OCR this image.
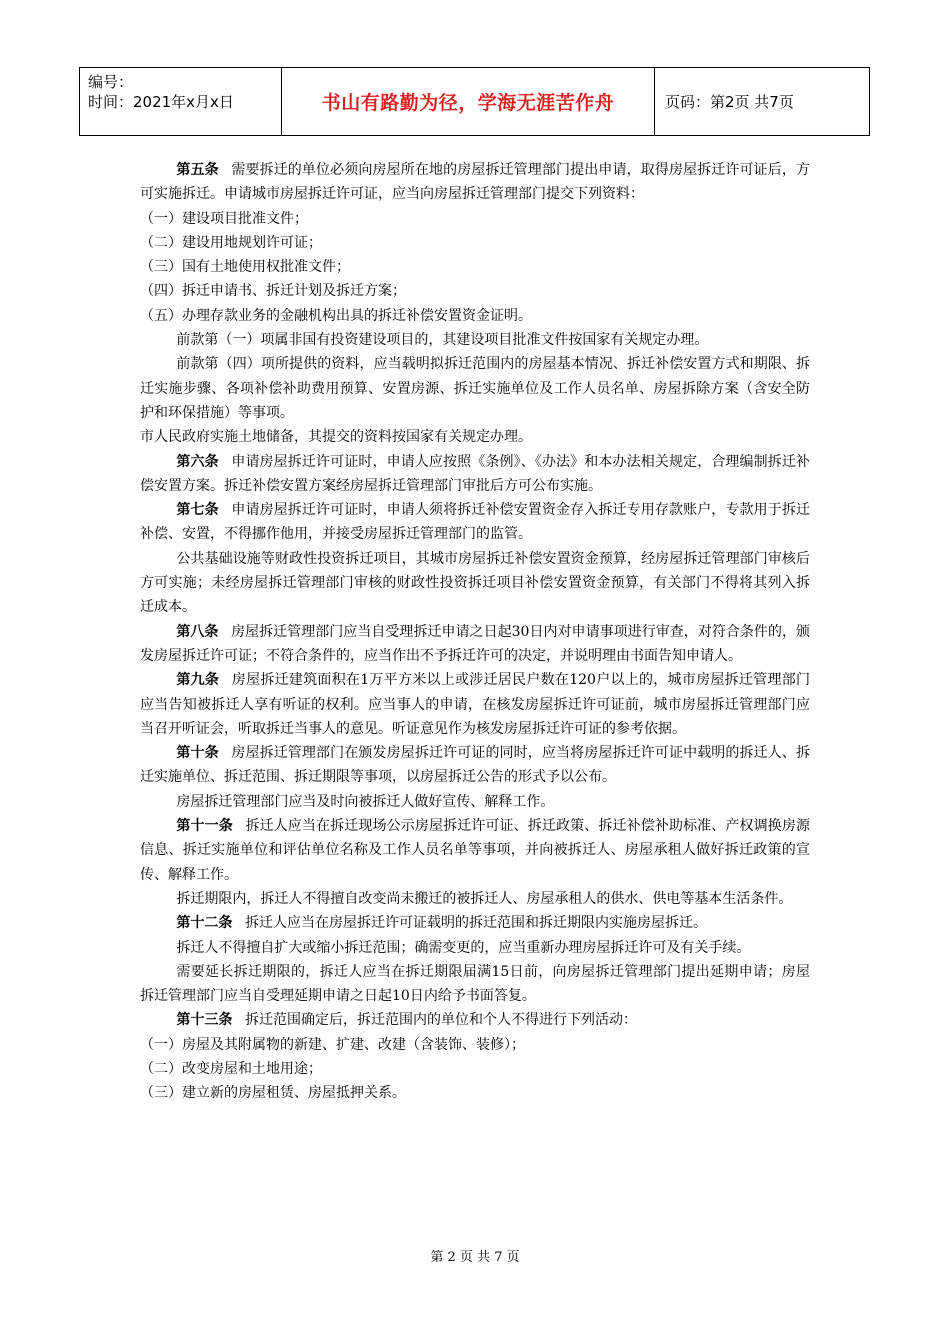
编号：
时间：2021年x月x日	书山有路勤为径，学海无涯苦作舟	页码：第2页 共7页

第五条 需要拆迁的单位必须向房屋所在地的房屋拆迁管理部门提出申请，取得房屋拆迁许可证后，方可实施拆迁。申请城市房屋拆迁许可证，应当向房屋拆迁管理部门提交下列资料：

（一）建设项目批准文件；

（二）建设用地规划许可证；

（三）国有土地使用权批准文件；

（四）拆迁申请书、拆迁计划及拆迁方案；

（五）办理存款业务的金融机构出具的拆迁补偿安置资金证明。

前款第（一）项属非国有投资建设项目的，其建设项目批准文件按国家有关规定办理。

前款第（四）项所提供的资料，应当载明拟拆迁范围内的房屋基本情况、拆迁补偿安置方式和期限、拆迁实施步骤、各项补偿补助费用预算、安置房源、拆迁实施单位及工作人员名单、房屋拆除方案（含安全防护和环保措施）等事项。

市人民政府实施土地储备，其提交的资料按国家有关规定办理。

第六条 申请房屋拆迁许可证时，申请人应按照《条例》、《办法》和本办法相关规定，合理编制拆迁补偿安置方案。拆迁补偿安置方案经房屋拆迁管理部门审批后方可公布实施。

第七条 申请房屋拆迁许可证时，申请人须将拆迁补偿安置资金存入拆迁专用存款账户，专款用于拆迁补偿、安置，不得挪作他用，并接受房屋拆迁管理部门的监管。

公共基础设施等财政性投资拆迁项目，其城市房屋拆迁补偿安置资金预算，经房屋拆迁管理部门审核后方可实施；未经房屋拆迁管理部门审核的财政性投资拆迁项目补偿安置资金预算，有关部门不得将其列入拆迁成本。

第八条 房屋拆迁管理部门应当自受理拆迁申请之日起30日内对申请事项进行审查，对符合条件的，颁发房屋拆迁许可证；不符合条件的，应当作出不予拆迁许可的决定，并说明理由书面告知申请人。

第九条 房屋拆迁建筑面积在1万平方米以上或涉迁居民户数在120户以上的，城市房屋拆迁管理部门应当告知被拆迁人享有听证的权利。应当事人的申请，在核发房屋拆迁许可证前，城市房屋拆迁管理部门应当召开听证会，听取拆迁当事人的意见。听证意见作为核发房屋拆迁许可证的参考依据。

第十条 房屋拆迁管理部门在颁发房屋拆迁许可证的同时，应当将房屋拆迁许可证中载明的拆迁人、拆迁实施单位、拆迁范围、拆迁期限等事项，以房屋拆迁公告的形式予以公布。

房屋拆迁管理部门应当及时向被拆迁人做好宣传、解释工作。

第十一条 拆迁人应当在拆迁现场公示房屋拆迁许可证、拆迁政策、拆迁补偿补助标准、产权调换房源信息、拆迁实施单位和评估单位名称及工作人员名单等事项，并向被拆迁人、房屋承租人做好拆迁政策的宣传、解释工作。

拆迁期限内，拆迁人不得擅自改变尚未搬迁的被拆迁人、房屋承租人的供水、供电等基本生活条件。

第十二条 拆迁人应当在房屋拆迁许可证载明的拆迁范围和拆迁期限内实施房屋拆迁。

拆迁人不得擅自扩大或缩小拆迁范围；确需变更的，应当重新办理房屋拆迁许可及有关手续。

需要延长拆迁期限的，拆迁人应当在拆迁期限届满15日前，向房屋拆迁管理部门提出延期申请；房屋拆迁管理部门应当自受理延期申请之日起10日内给予书面答复。

第十三条 拆迁范围确定后，拆迁范围内的单位和个人不得进行下列活动：

（一）房屋及其附属物的新建、扩建、改建（含装饰、装修）；

（二）改变房屋和土地用途；

（三）建立新的房屋租赁、房屋抵押关系。

第 2 页 共 7 页
